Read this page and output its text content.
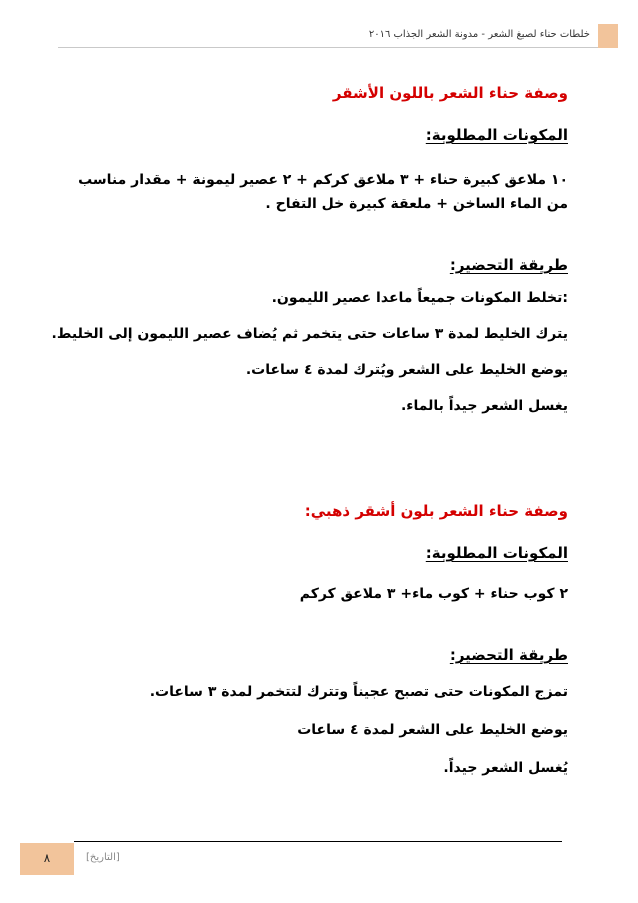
خلطات حناء لصبغ الشعر - مدونة الشعر الجذاب ٢٠١٦
وصفة حناء الشعر باللون الأشقر
المكونات المطلوبة:
١٠ ملاعق كبيرة حناء + ٣ ملاعق كركم + ٢ عصير ليمونة + مقدار مناسب من الماء الساخن + ملعقة كبيرة خل التفاح .
طريقة التحضير:
:تخلط المكونات جميعاً ماعدا عصير الليمون.
يترك الخليط لمدة ٣ ساعات حتى يتخمر ثم يُضاف عصير الليمون إلى الخليط.
يوضع الخليط على الشعر ويُترك لمدة ٤ ساعات.
يغسل الشعر جيداً بالماء.
وصفة حناء الشعر بلون أشقر ذهبي:
المكونات المطلوبة:
٢ كوب حناء + كوب ماء+ ٣ ملاعق كركم
طريقة التحضير:
تمزج المكونات حتى تصبح عجيناً وتترك لتتخمر لمدة ٣ ساعات.
يوضع الخليط على الشعر لمدة ٤ ساعات
يُغسل الشعر جيداً.
٨	[التاريخ]
